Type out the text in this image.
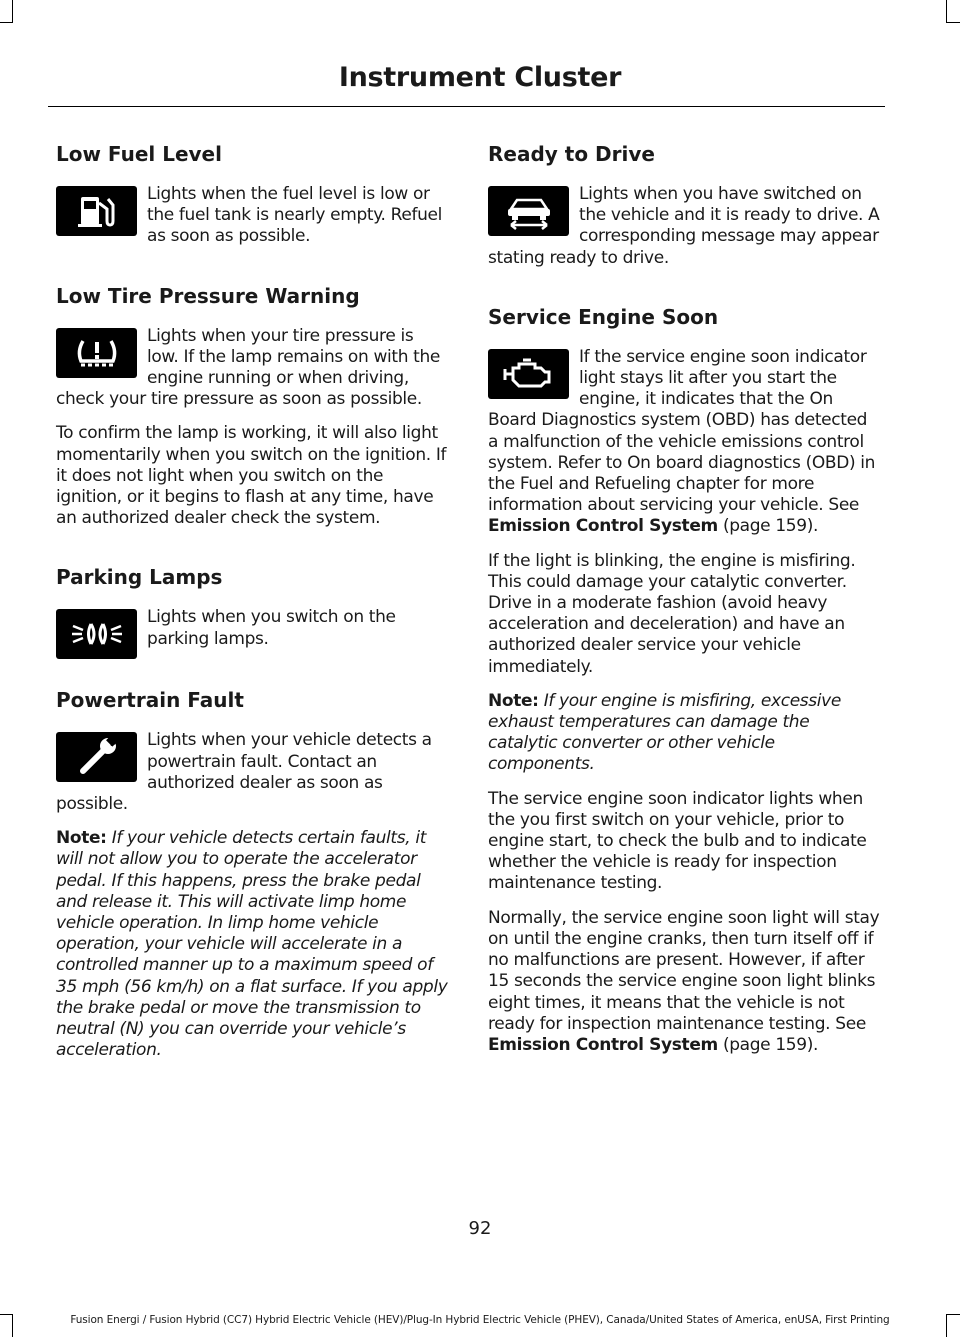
Instrument Cluster
Low Fuel Level

Lights when the fuel level is low or the fuel tank is nearly empty. Refuel as soon as possible.

Low Tire Pressure Warning

Lights when your tire pressure is low. If the lamp remains on with the engine running or when driving, check your tire pressure as soon as possible.

To confirm the lamp is working, it will also light momentarily when you switch on the ignition. If it does not light when you switch on the ignition, or it begins to flash at any time, have an authorized dealer check the system.

Parking Lamps

Lights when you switch on the parking lamps.

Powertrain Fault

Lights when your vehicle detects a powertrain fault. Contact an authorized dealer as soon as possible.

Note: If your vehicle detects certain faults, it will not allow you to operate the accelerator pedal. If this happens, press the brake pedal and release it. This will activate limp home vehicle operation. In limp home vehicle operation, your vehicle will accelerate in a controlled manner up to a maximum speed of 35 mph (56 km/h) on a flat surface. If you apply the brake pedal or move the transmission to neutral (N) you can override your vehicle’s acceleration.

Ready to Drive

Lights when you have switched on the vehicle and it is ready to drive. A corresponding message may appear stating ready to drive.

Service Engine Soon

If the service engine soon indicator light stays lit after you start the engine, it indicates that the On Board Diagnostics system (OBD) has detected a malfunction of the vehicle emissions control system. Refer to On board diagnostics (OBD) in the Fuel and Refueling chapter for more information about servicing your vehicle. See Emission Control System (page 159).

If the light is blinking, the engine is misfiring. This could damage your catalytic converter. Drive in a moderate fashion (avoid heavy acceleration and deceleration) and have an authorized dealer service your vehicle immediately.

Note: If your engine is misfiring, excessive exhaust temperatures can damage the catalytic converter or other vehicle components.

The service engine soon indicator lights when the you first switch on your vehicle, prior to engine start, to check the bulb and to indicate whether the vehicle is ready for inspection maintenance testing.

Normally, the service engine soon light will stay on until the engine cranks, then turn itself off if no malfunctions are present. However, if after 15 seconds the service engine soon light blinks eight times, it means that the vehicle is not ready for inspection maintenance testing. See Emission Control System (page 159).

92
Fusion Energi / Fusion Hybrid (CC7) Hybrid Electric Vehicle (HEV)/Plug-In Hybrid Electric Vehicle (PHEV), Canada/United States of America, enUSA, First Printing
